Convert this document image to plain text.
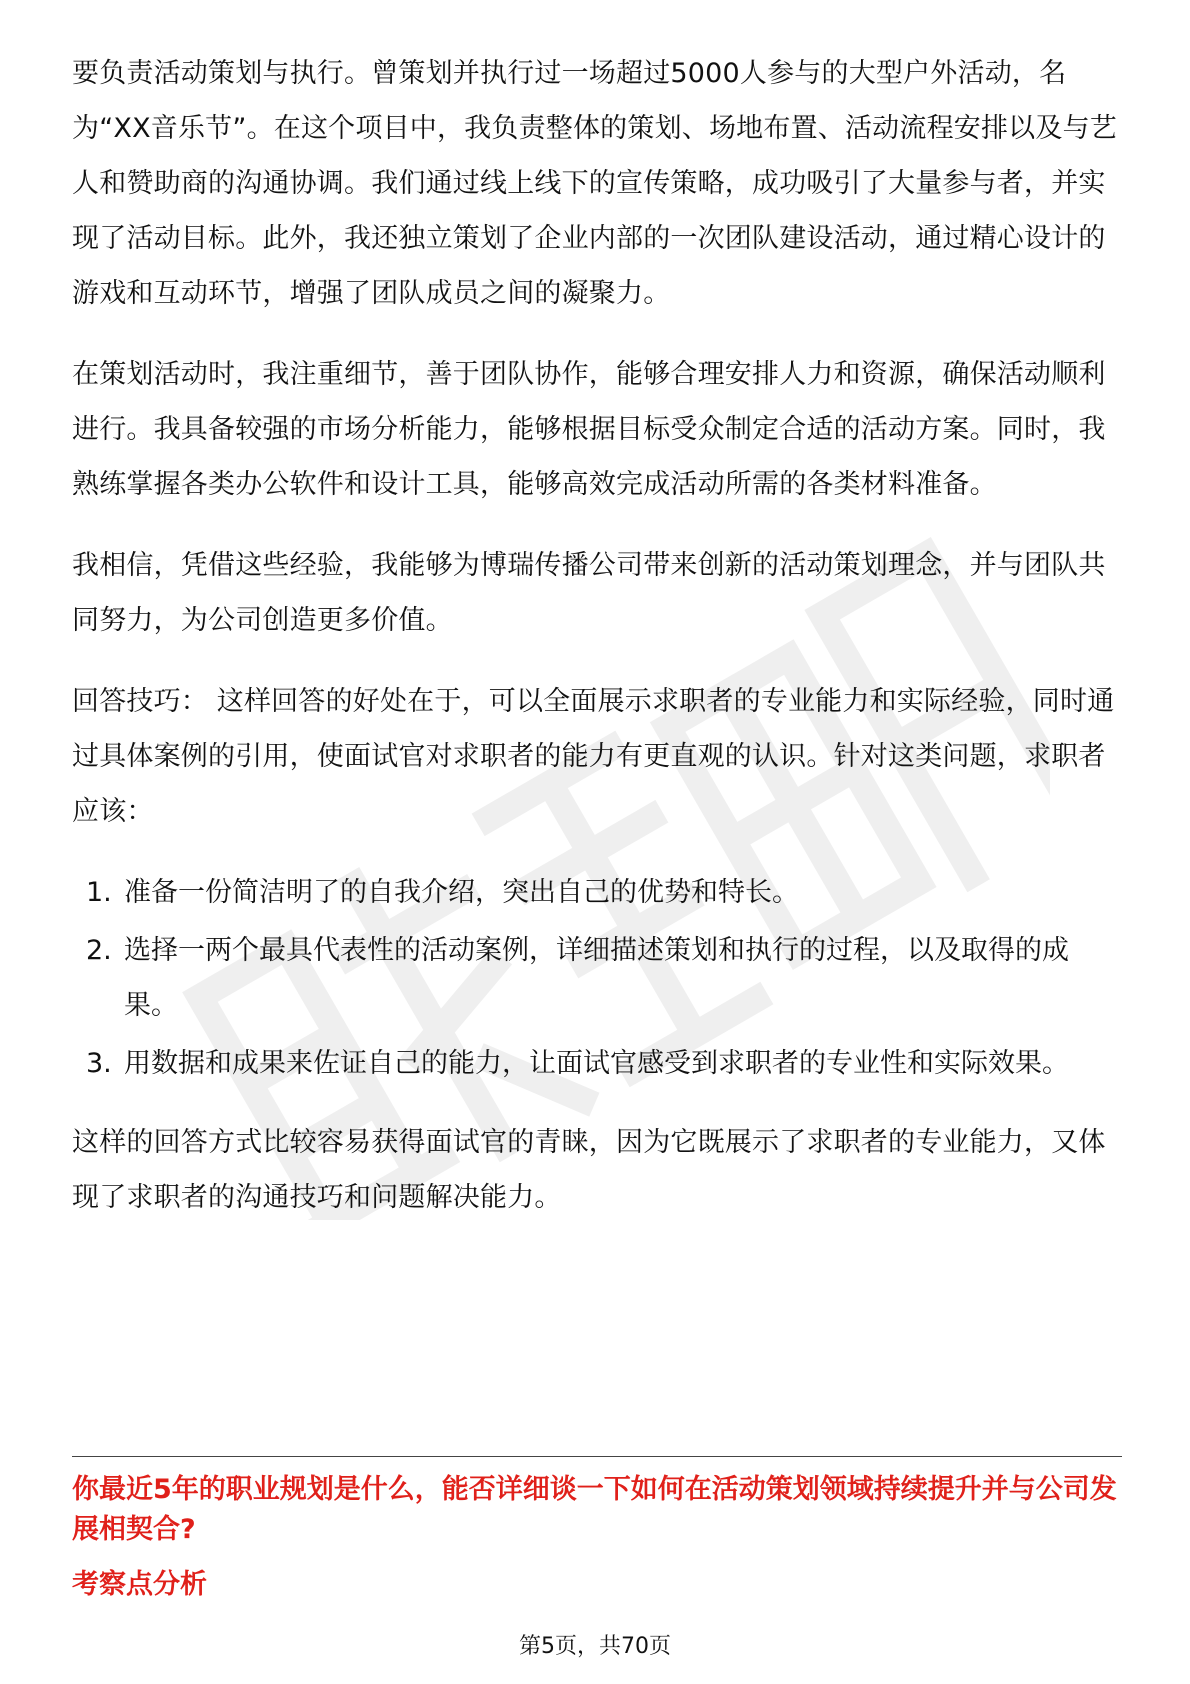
要负责活动策划与执行。曾策划并执行过一场超过5000人参与的大型户外活动，名为“XX音乐节”。在这个项目中，我负责整体的策划、场地布置、活动流程安排以及与艺人和赞助商的沟通协调。我们通过线上线下的宣传策略，成功吸引了大量参与者，并实现了活动目标。此外，我还独立策划了企业内部的一次团队建设活动，通过精心设计的游戏和互动环节，增强了团队成员之间的凝聚力。

在策划活动时，我注重细节，善于团队协作，能够合理安排人力和资源，确保活动顺利进行。我具备较强的市场分析能力，能够根据目标受众制定合适的活动方案。同时，我熟练掌握各类办公软件和设计工具，能够高效完成活动所需的各类材料准备。

我相信，凭借这些经验，我能够为博瑞传播公司带来创新的活动策划理念，并与团队共同努力，为公司创造更多价值。

回答技巧： 这样回答的好处在于，可以全面展示求职者的专业能力和实际经验，同时通过具体案例的引用，使面试官对求职者的能力有更直观的认识。针对这类问题，求职者应该：

1. 准备一份简洁明了的自我介绍，突出自己的优势和特长。
2. 选择一两个最具代表性的活动案例，详细描述策划和执行的过程，以及取得的成果。
3. 用数据和成果来佐证自己的能力，让面试官感受到求职者的专业性和实际效果。

这样的回答方式比较容易获得面试官的青睐，因为它既展示了求职者的专业能力，又体现了求职者的沟通技巧和问题解决能力。

你最近5年的职业规划是什么，能否详细谈一下如何在活动策划领域持续提升并与公司发展相契合?
考察点分析
第5页，共70页
